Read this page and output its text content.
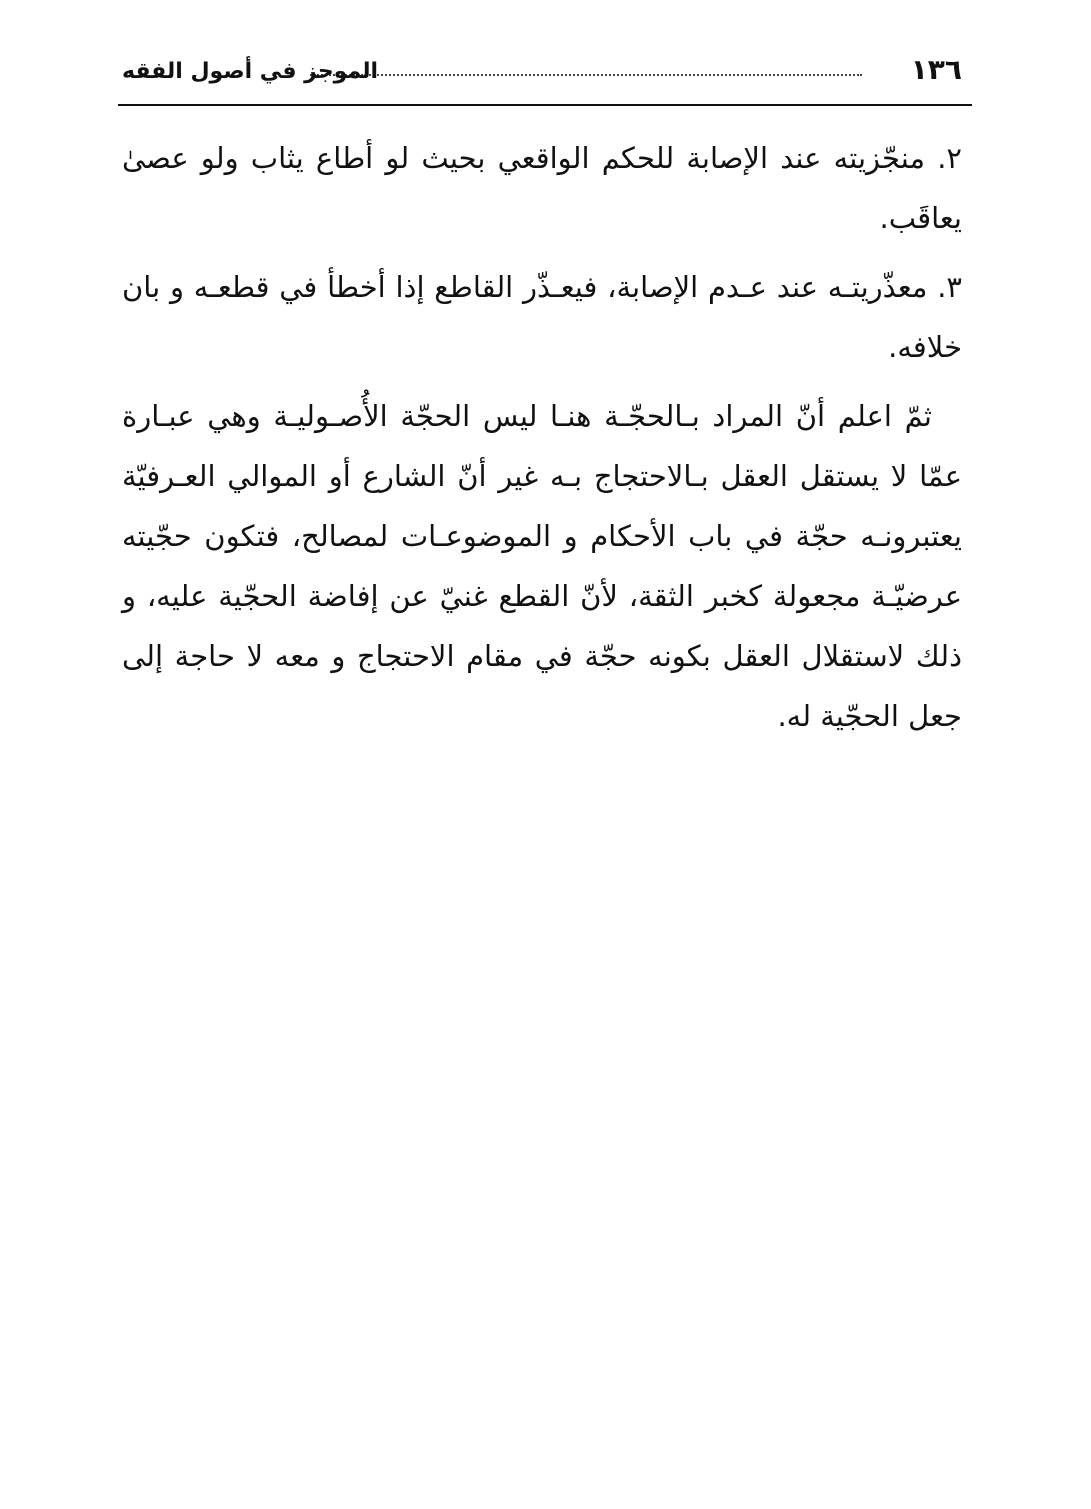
١٣٦
الموجز في أصول الفقه

٢. منجّزيته عند الإصابة للحكم الواقعي بحيث لو أطاع يثاب ولو عصىٰ يعاقَب.

٣. معذّريتـه عند عـدم الإصابة، فيعـذّر القاطع إذا أخطأ في قطعـه و بان خلافه.

ثمّ اعلم أنّ المراد بـالحجّـة هنـا ليس الحجّة الأُصـوليـة وهي عبـارة عمّا لا يستقل العقل بـالاحتجاج بـه غير أنّ الشارع أو الموالي العـرفيّة يعتبرونـه حجّة في باب الأحكام و الموضوعـات لمصالح، فتكون حجّيته عرضيّـة مجعولة كخبر الثقة، لأنّ القطع غنيّ عن إفاضة الحجّية عليه، و ذلك لاستقلال العقل بكونه حجّة في مقام الاحتجاج و معه لا حاجة إلى جعل الحجّية له.
